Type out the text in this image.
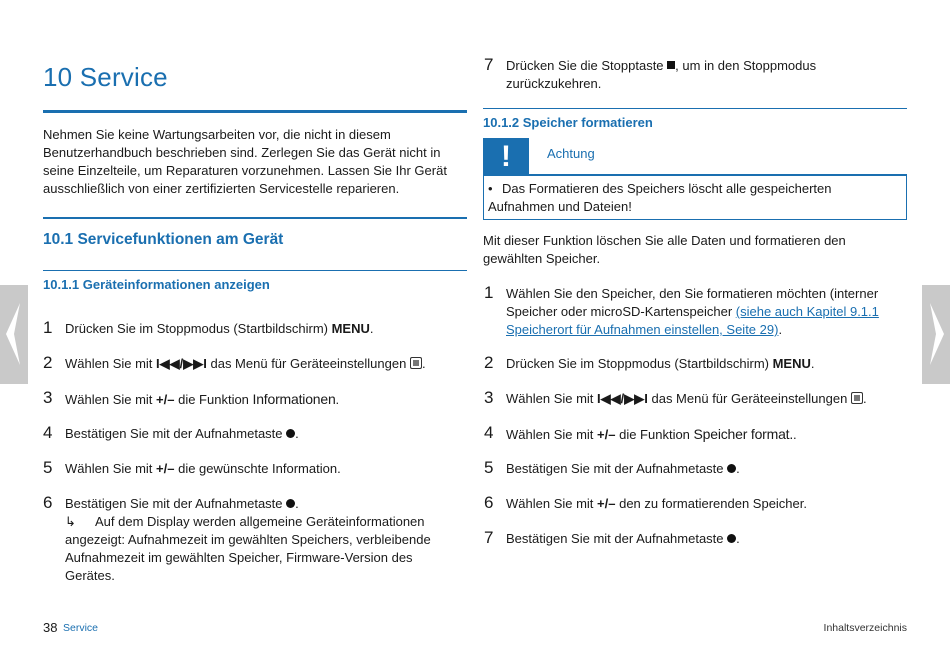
10 Service
Nehmen Sie keine Wartungsarbeiten vor, die nicht in diesem Benutzerhandbuch beschrieben sind. Zerlegen Sie das Gerät nicht in seine Einzelteile, um Reparaturen vorzunehmen. Lassen Sie Ihr Gerät ausschließlich von einer zertifizierten Servicestelle reparieren.
10.1 Servicefunktionen am Gerät
10.1.1 Geräteinformationen anzeigen
1 Drücken Sie im Stoppmodus (Startbildschirm) MENU.
2 Wählen Sie mit I◀◀/▶▶I das Menü für Geräteeinstellungen .
3 Wählen Sie mit +/– die Funktion Informationen.
4 Bestätigen Sie mit der Aufnahmetaste .
5 Wählen Sie mit +/– die gewünschte Information.
6 Bestätigen Sie mit der Aufnahmetaste .
↳ Auf dem Display werden allgemeine Geräteinformationen angezeigt: Aufnahmezeit im gewählten Speichers, verbleibende Aufnahmezeit im gewählten Speicher, Firmware-Version des Gerätes.
7 Drücken Sie die Stopptaste , um in den Stoppmodus zurückzukehren.
10.1.2 Speicher formatieren
!	Achtung
• Das Formatieren des Speichers löscht alle gespeicherten Aufnahmen und Dateien!
Mit dieser Funktion löschen Sie alle Daten und formatieren den gewählten Speicher.
1 Wählen Sie den Speicher, den Sie formatieren möchten (interner Speicher oder microSD-Kartenspeicher (siehe auch Kapitel 9.1.1 Speicherort für Aufnahmen einstellen, Seite 29).
2 Drücken Sie im Stoppmodus (Startbildschirm) MENU.
3 Wählen Sie mit I◀◀/▶▶I das Menü für Geräteeinstellungen .
4 Wählen Sie mit +/– die Funktion Speicher format..
5 Bestätigen Sie mit der Aufnahmetaste .
6 Wählen Sie mit +/– den zu formatierenden Speicher.
7 Bestätigen Sie mit der Aufnahmetaste .
38 Service	Inhaltsverzeichnis
